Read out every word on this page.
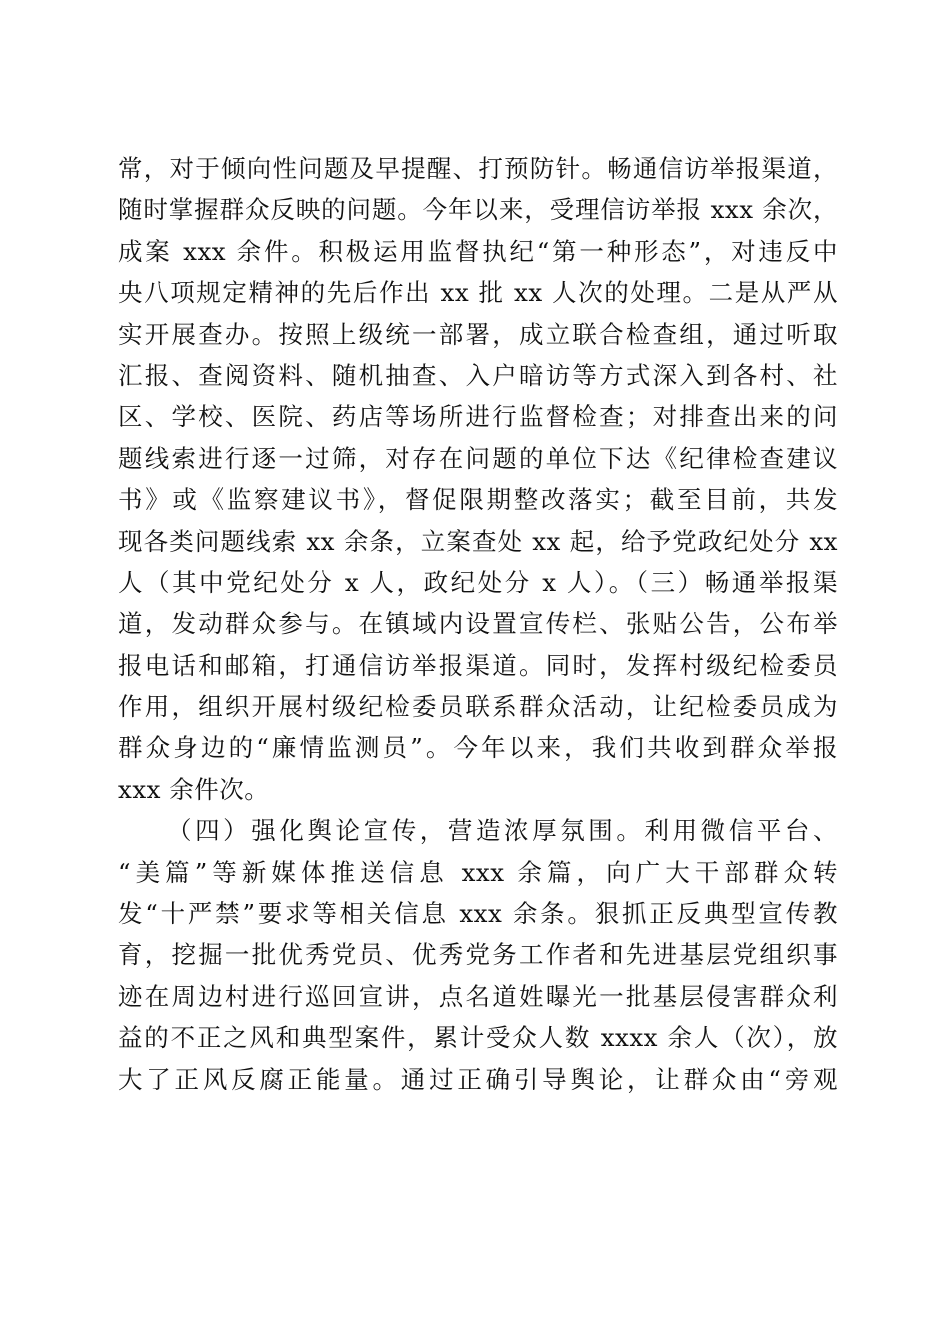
常，对于倾向性问题及早提醒、打预防针。畅通信访举报渠道，
随时掌握群众反映的问题。今年以来，受理信访举报 xxx 余次，
成案 xxx 余件。积极运用监督执纪“第一种形态”，对违反中
央八项规定精神的先后作出 xx 批 xx 人次的处理。二是从严从
实开展查办。按照上级统一部署，成立联合检查组，通过听取
汇报、查阅资料、随机抽查、入户暗访等方式深入到各村、社
区、学校、医院、药店等场所进行监督检查；对排查出来的问
题线索进行逐一过筛，对存在问题的单位下达《纪律检查建议
书》或《监察建议书》，督促限期整改落实；截至目前，共发
现各类问题线索 xx 余条，立案查处 xx 起，给予党政纪处分 xx
人（其中党纪处分 x 人，政纪处分 x 人）。（三）畅通举报渠
道，发动群众参与。在镇域内设置宣传栏、张贴公告，公布举
报电话和邮箱，打通信访举报渠道。同时，发挥村级纪检委员
作用，组织开展村级纪检委员联系群众活动，让纪检委员成为
群众身边的“廉情监测员”。今年以来，我们共收到群众举报
xxx 余件次。
（四）强化舆论宣传，营造浓厚氛围。利用微信平台、
“美篇”等新媒体推送信息 xxx 余篇，向广大干部群众转
发“十严禁”要求等相关信息 xxx 余条。狠抓正反典型宣传教
育，挖掘一批优秀党员、优秀党务工作者和先进基层党组织事
迹在周边村进行巡回宣讲，点名道姓曝光一批基层侵害群众利
益的不正之风和典型案件，累计受众人数 xxxx 余人（次），放
大了正风反腐正能量。通过正确引导舆论，让群众由“旁观
